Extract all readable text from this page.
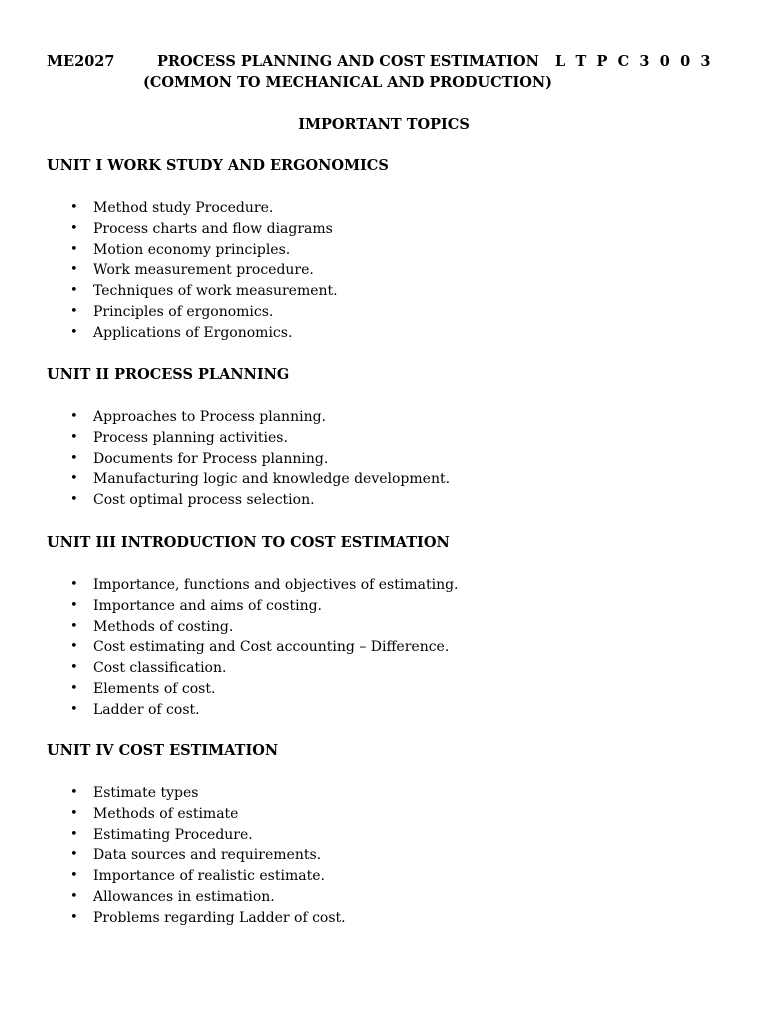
ME2027	PROCESS PLANNING AND COST ESTIMATION L T P C 3 0 0 3
(COMMON TO MECHANICAL AND PRODUCTION)
IMPORTANT TOPICS
UNIT I WORK STUDY AND ERGONOMICS
• Method study Procedure.
• Process charts and flow diagrams
• Motion economy principles.
• Work measurement procedure.
• Techniques of work measurement.
• Principles of ergonomics.
• Applications of Ergonomics.
UNIT II PROCESS PLANNING
• Approaches to Process planning.
• Process planning activities.
• Documents for Process planning.
• Manufacturing logic and knowledge development.
• Cost optimal process selection.
UNIT III INTRODUCTION TO COST ESTIMATION
• Importance, functions and objectives of estimating.
• Importance and aims of costing.
• Methods of costing.
• Cost estimating and Cost accounting – Difference.
• Cost classification.
• Elements of cost.
• Ladder of cost.
UNIT IV COST ESTIMATION
• Estimate types
• Methods of estimate
• Estimating Procedure.
• Data sources and requirements.
• Importance of realistic estimate.
• Allowances in estimation.
• Problems regarding Ladder of cost.
